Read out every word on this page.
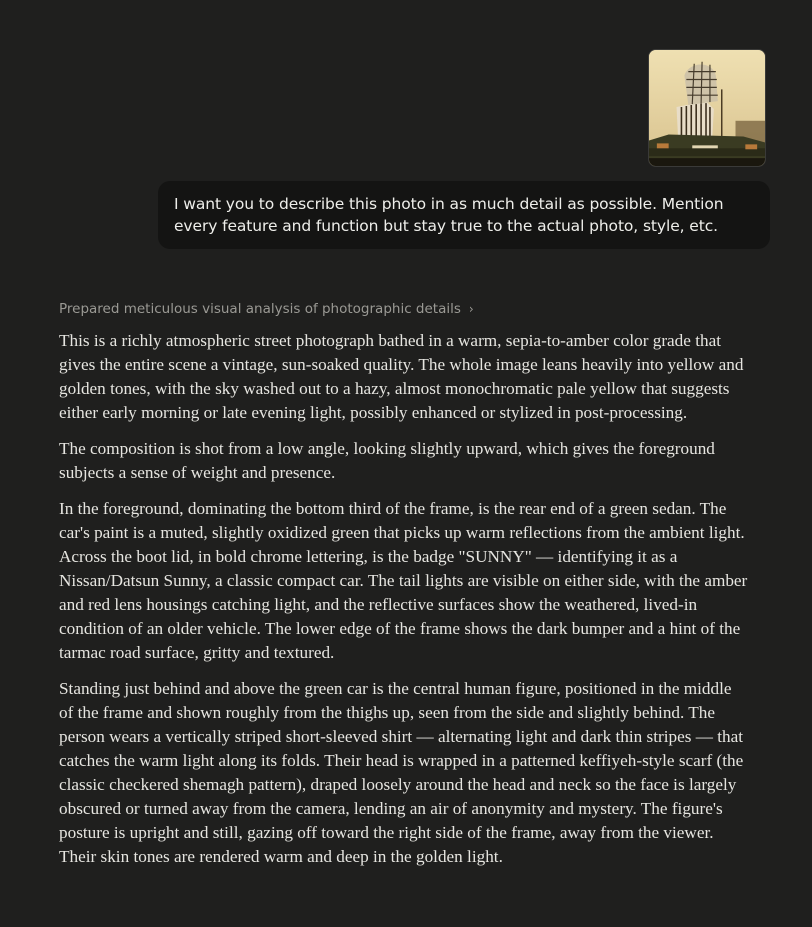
I want you to describe this photo in as much detail as possible. Mention every feature and function but stay true to the actual photo, style, etc.
Prepared meticulous visual analysis of photographic details ›

This is a richly atmospheric street photograph bathed in a warm, sepia-to-amber color grade that gives the entire scene a vintage, sun-soaked quality. The whole image leans heavily into yellow and golden tones, with the sky washed out to a hazy, almost monochromatic pale yellow that suggests either early morning or late evening light, possibly enhanced or stylized in post-processing.

The composition is shot from a low angle, looking slightly upward, which gives the foreground subjects a sense of weight and presence.

In the foreground, dominating the bottom third of the frame, is the rear end of a green sedan. The car's paint is a muted, slightly oxidized green that picks up warm reflections from the ambient light. Across the boot lid, in bold chrome lettering, is the badge "SUNNY" — identifying it as a Nissan/Datsun Sunny, a classic compact car. The tail lights are visible on either side, with the amber and red lens housings catching light, and the reflective surfaces show the weathered, lived-in condition of an older vehicle. The lower edge of the frame shows the dark bumper and a hint of the tarmac road surface, gritty and textured.

Standing just behind and above the green car is the central human figure, positioned in the middle of the frame and shown roughly from the thighs up, seen from the side and slightly behind. The person wears a vertically striped short-sleeved shirt — alternating light and dark thin stripes — that catches the warm light along its folds. Their head is wrapped in a patterned keffiyeh-style scarf (the classic checkered shemagh pattern), draped loosely around the head and neck so the face is largely obscured or turned away from the camera, lending an air of anonymity and mystery. The figure's posture is upright and still, gazing off toward the right side of the frame, away from the viewer. Their skin tones are rendered warm and deep in the golden light.
